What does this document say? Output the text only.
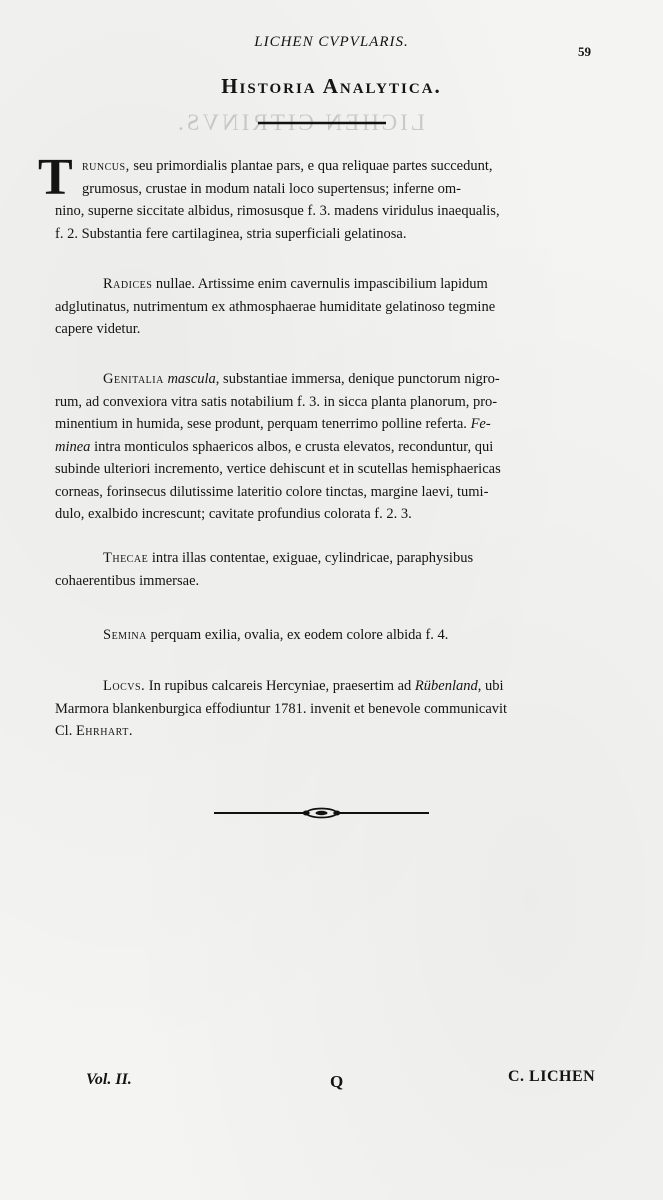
LICHEN CITRINVS.
LICHEN CVPVLARIS.
59
Historia Analytica.
T runcus, seu primordialis plantae pars, e qua reliquae partes succedunt,
grumosus, crustae in modum natali loco supertensus; inferne om-

nino, superne siccitate albidus, rimosusque f. 3. madens viridulus inaequalis,
f. 2. Substantia fere cartilaginea, stria superficiali gelatinosa.

Radices nullae. Artissime enim cavernulis impascibilium lapidum
adglutinatus, nutrimentum ex athmosphaerae humiditate gelatinoso tegmine
capere videtur.

Genitalia mascula, substantiae immersa, denique punctorum nigro-
rum, ad convexiora vitra satis notabilium f. 3. in sicca planta planorum, pro-
minentium in humida, sese produnt, perquam tenerrimo polline referta. Fe-
minea intra monticulos sphaericos albos, e crusta elevatos, reconduntur, qui
subinde ulteriori incremento, vertice dehiscunt et in scutellas hemisphaericas
corneas, forinsecus dilutissime lateritio colore tinctas, margine laevi, tumi-
dulo, exalbido increscunt; cavitate profundius colorata f. 2. 3.

Thecae intra illas contentae, exiguae, cylindricae, paraphysibus
cohaerentibus immersae.

Semina perquam exilia, ovalia, ex eodem colore albida f. 4.

Locvs. In rupibus calcareis Hercyniae, praesertim ad Rübenland, ubi
Marmora blankenburgica effodiuntur 1781. invenit et benevole communicavit
Cl. Ehrhart.

Vol. II.	Q	C. LICHEN
